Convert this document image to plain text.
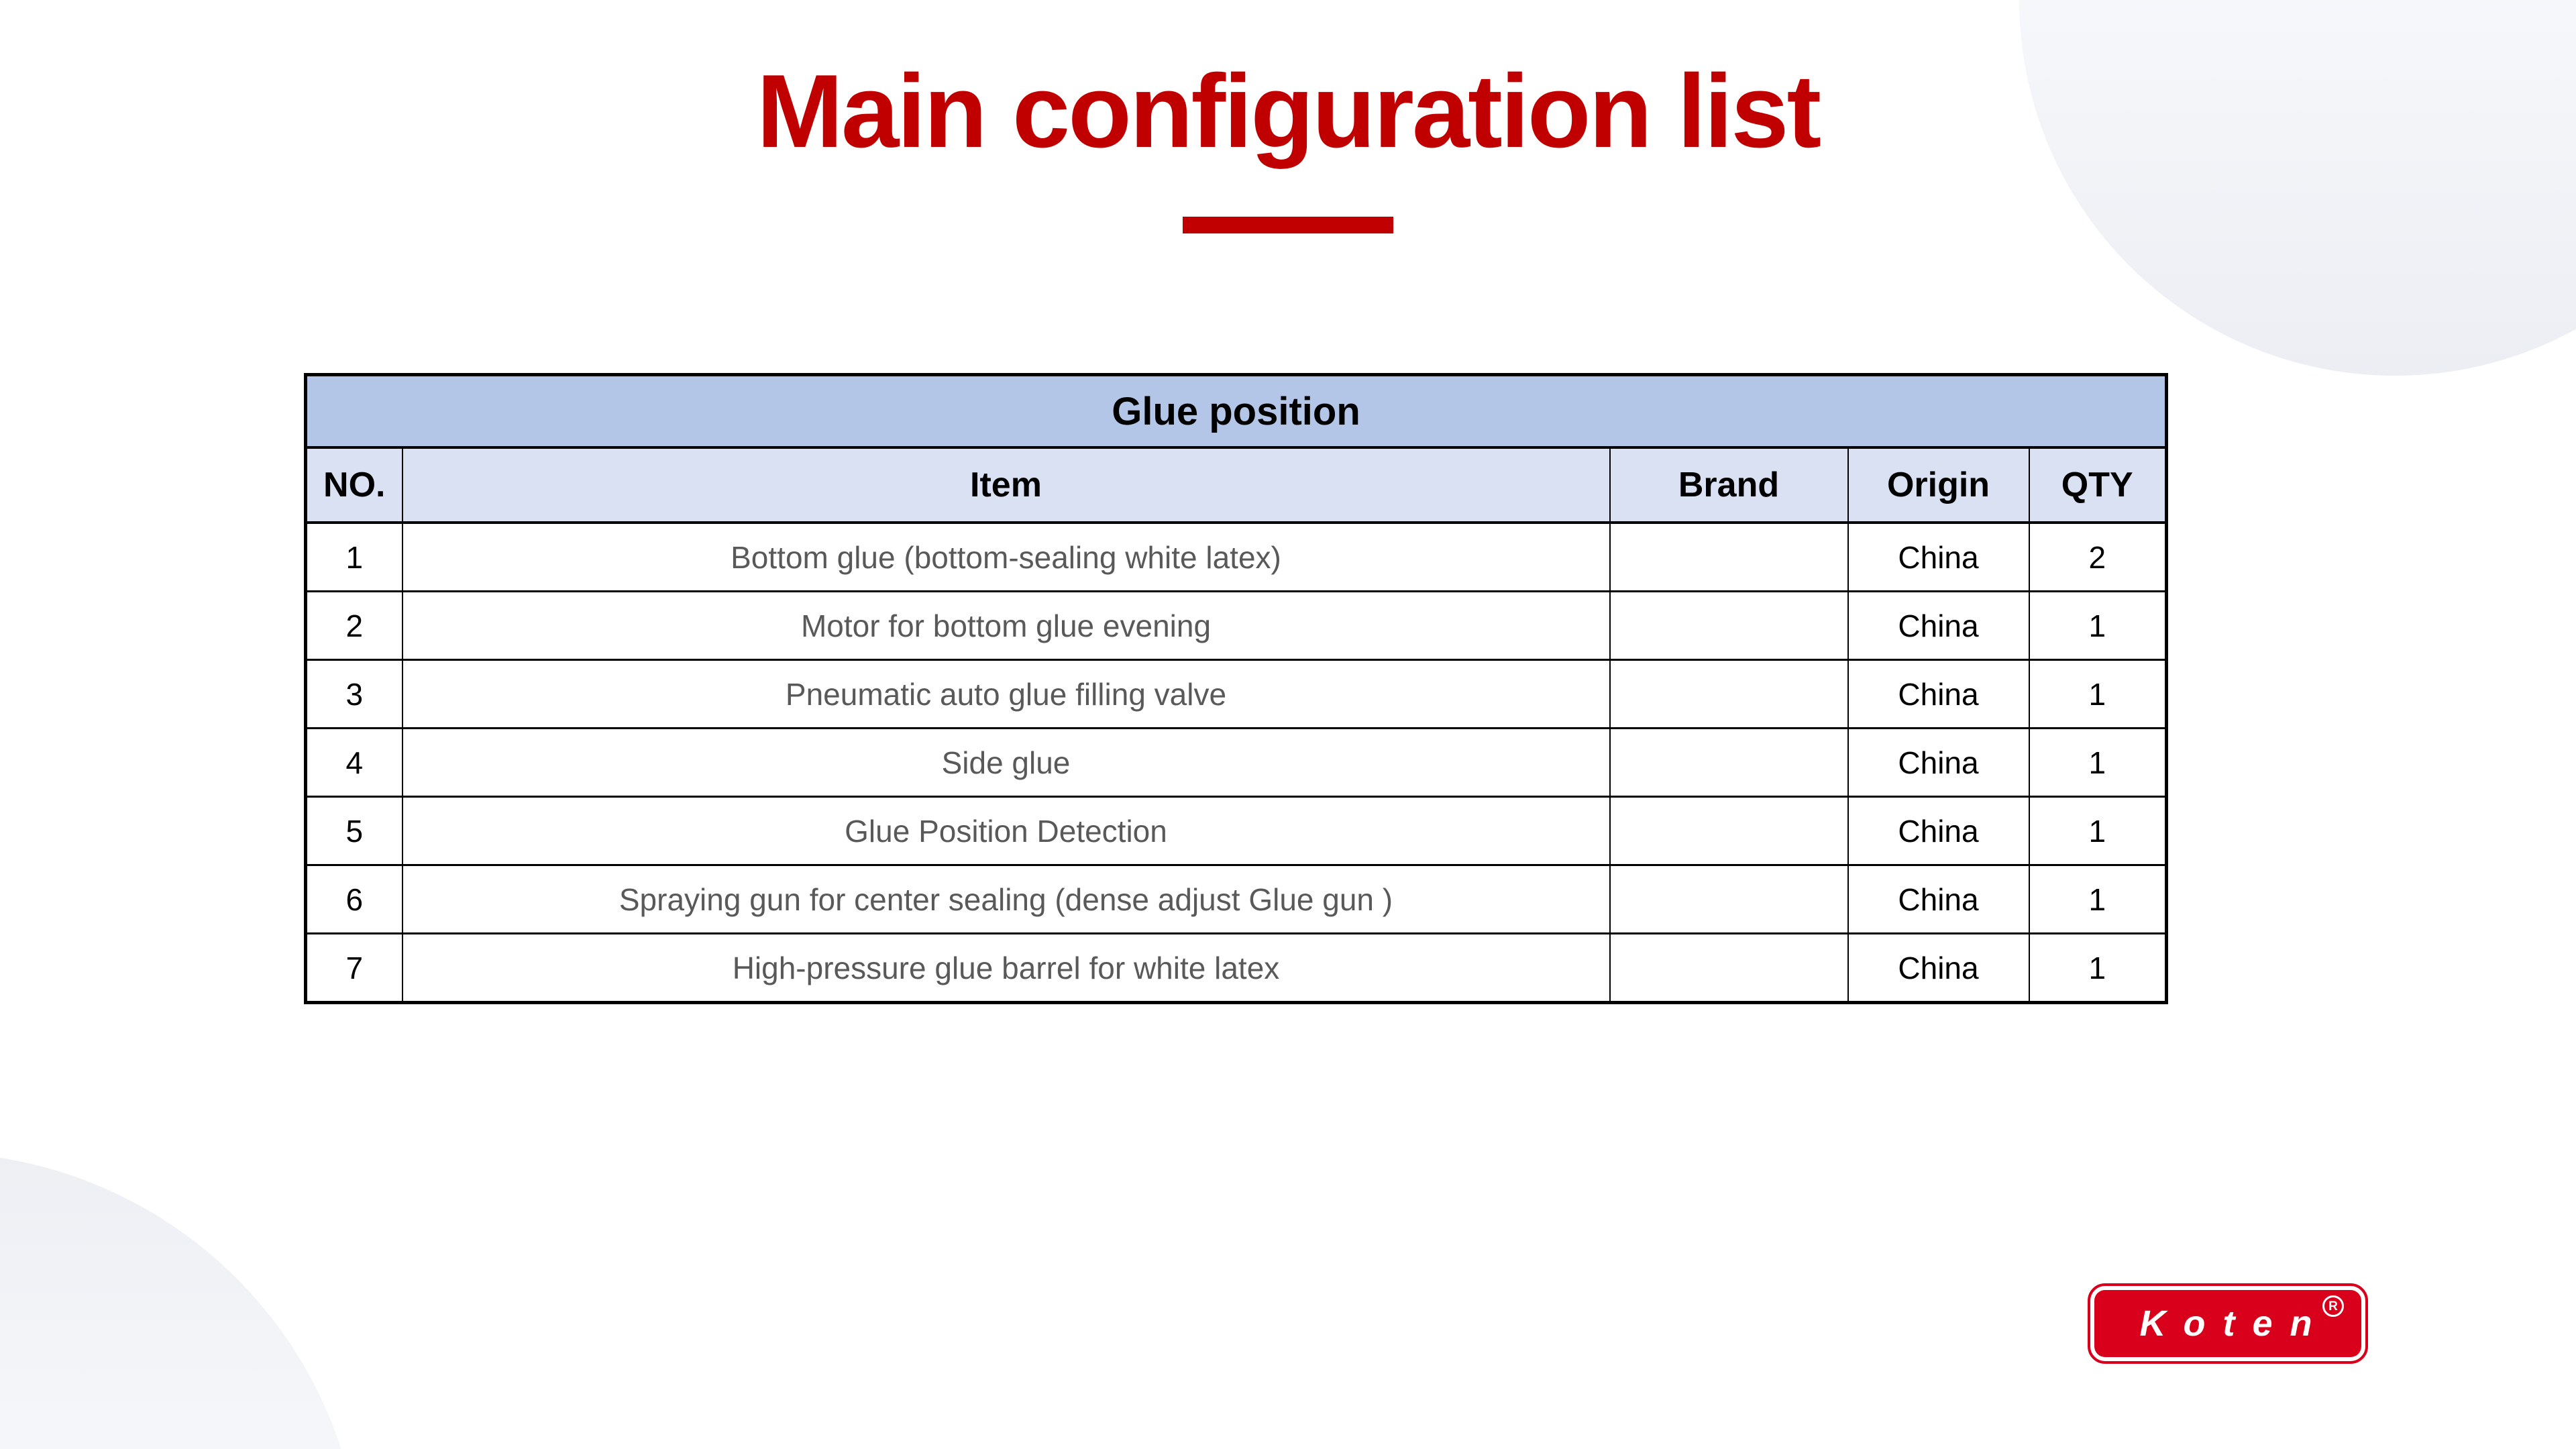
Main configuration list
Glue position				
NO.	Item	Brand	Origin	QTY
1	Bottom glue (bottom-sealing white latex)		China	2
2	Motor for bottom glue evening		China	1
3	Pneumatic auto glue filling valve		China	1
4	Side glue		China	1
5	Glue Position Detection		China	1
6	Spraying gun for center sealing (dense adjust Glue gun )		China	1
7	High-pressure glue barrel for white latex		China	1
Koten
R
